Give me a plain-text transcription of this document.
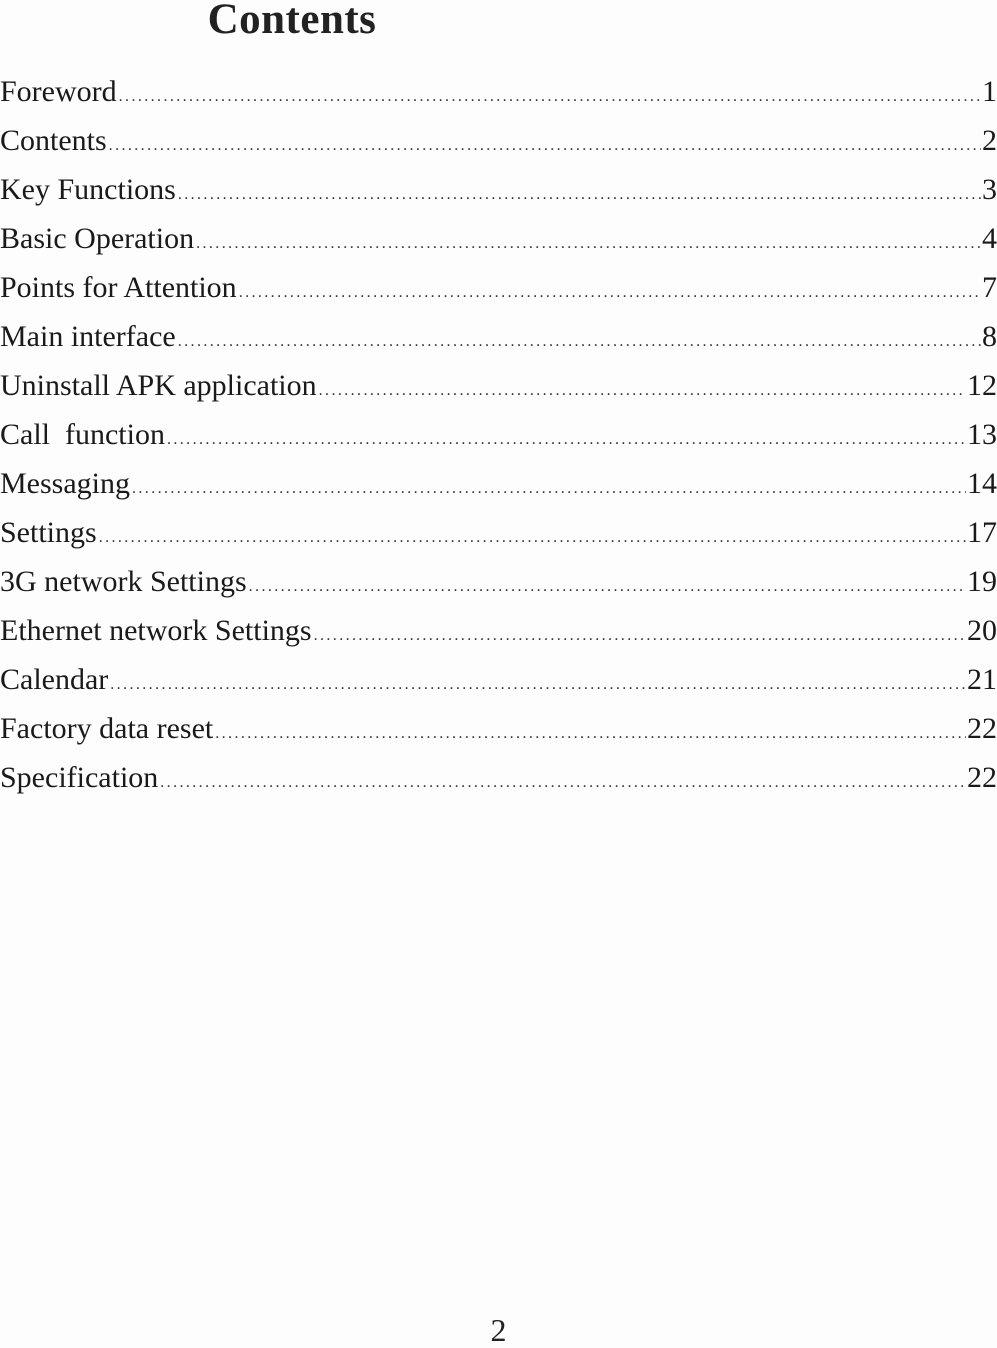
Contents
Foreword .....	1
Contents .....	2
Key Functions .....	3
Basic Operation .....	4
Points for Attention .....	7
Main interface .....	8
Uninstall APK application .....	12
Call  function .....	13
Messaging .....	14
Settings .....	17
3G network Settings .....	19
Ethernet network Settings .....	20
Calendar .....	21
Factory data reset .....	22
Specification .....	22
2
